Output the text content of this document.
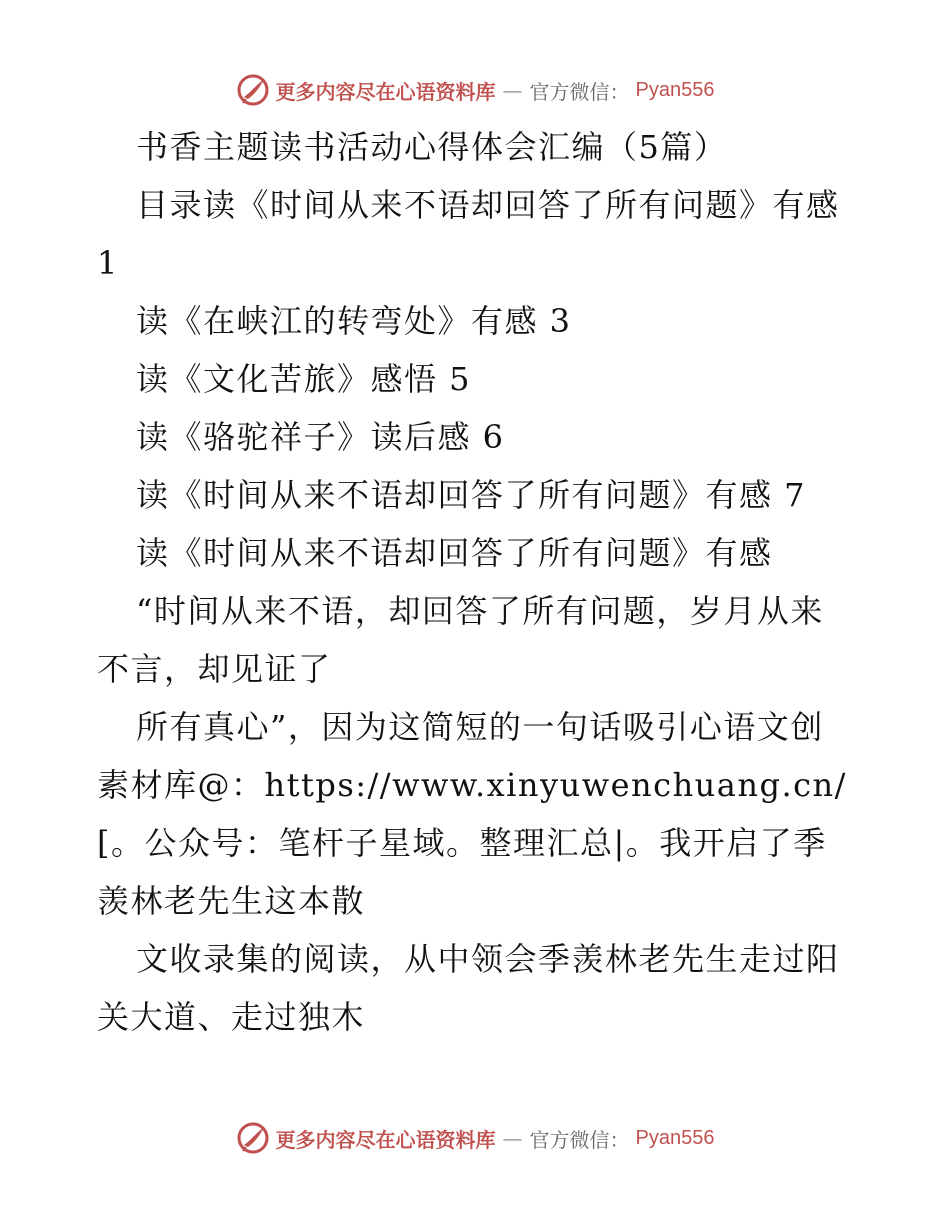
更多内容尽在心语资料库 — 官方微信： Pyan556

书香主题读书活动心得体会汇编（5篇）

目录读《时间从来不语却回答了所有问题》有感 1

读《在峡江的转弯处》有感 3

读《文化苦旅》感悟 5

读《骆驼祥子》读后感 6

读《时间从来不语却回答了所有问题》有感 7

读《时间从来不语却回答了所有问题》有感

“时间从来不语，却回答了所有问题，岁月从来不言，却见证了

所有真心”，因为这简短的一句话吸引心语文创素材库@：https://www.xinyuwenchuang.cn/[。公众号：笔杆子星域。整理汇总|。我开启了季羡林老先生这本散

文收录集的阅读，从中领会季羡林老先生走过阳关大道、走过独木

更多内容尽在心语资料库 — 官方微信： Pyan556
